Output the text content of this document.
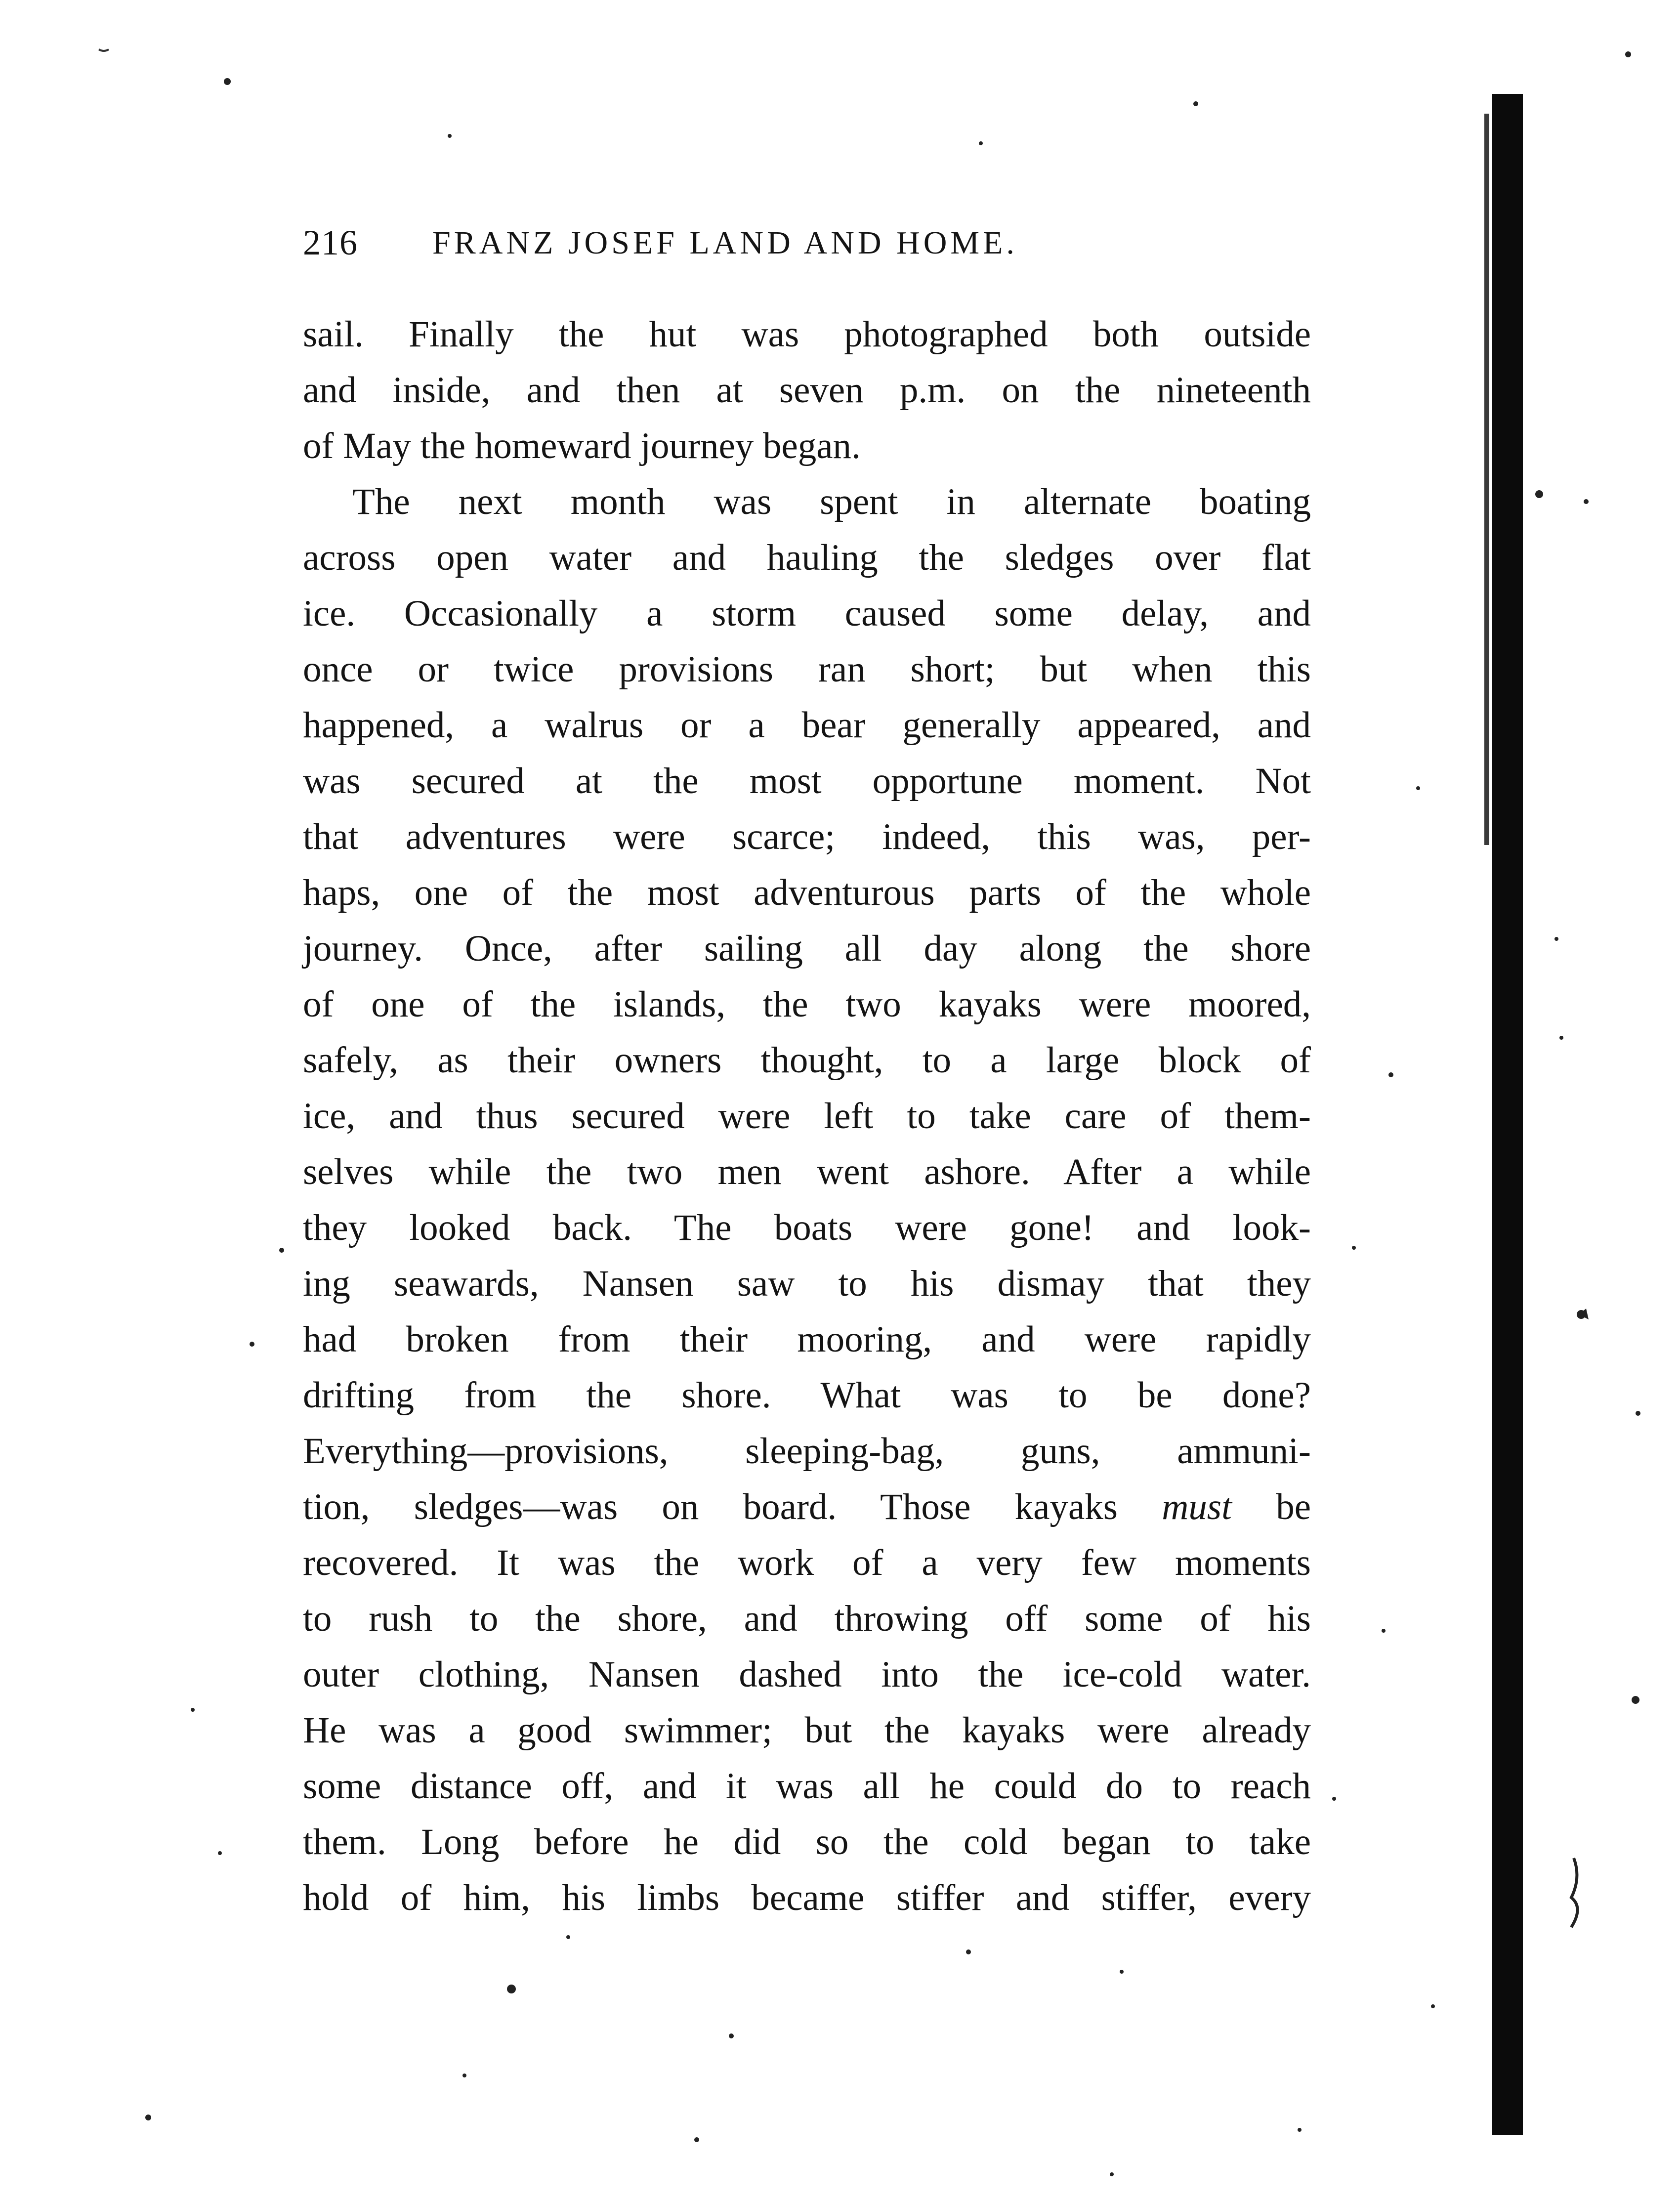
216 FRANZ JOSEF LAND AND HOME.
sail. Finally the hut was photographed both outside
and inside, and then at seven p.m. on the nineteenth
of May the homeward journey began.
The next month was spent in alternate boating
across open water and hauling the sledges over flat
ice. Occasionally a storm caused some delay, and
once or twice provisions ran short; but when this
happened, a walrus or a bear generally appeared, and
was secured at the most opportune moment. Not
that adventures were scarce; indeed, this was, per-
haps, one of the most adventurous parts of the whole
journey. Once, after sailing all day along the shore
of one of the islands, the two kayaks were moored,
safely, as their owners thought, to a large block of
ice, and thus secured were left to take care of them-
selves while the two men went ashore. After a while
they looked back. The boats were gone! and look-
ing seawards, Nansen saw to his dismay that they
had broken from their mooring, and were rapidly
drifting from the shore. What was to be done?
Everything—provisions, sleeping-bag, guns, ammuni-
tion, sledges—was on board. Those kayaks must be
recovered. It was the work of a very few moments
to rush to the shore, and throwing off some of his
outer clothing, Nansen dashed into the ice-cold water.
He was a good swimmer; but the kayaks were already
some distance off, and it was all he could do to reach
them. Long before he did so the cold began to take
hold of him, his limbs became stiffer and stiffer, every
